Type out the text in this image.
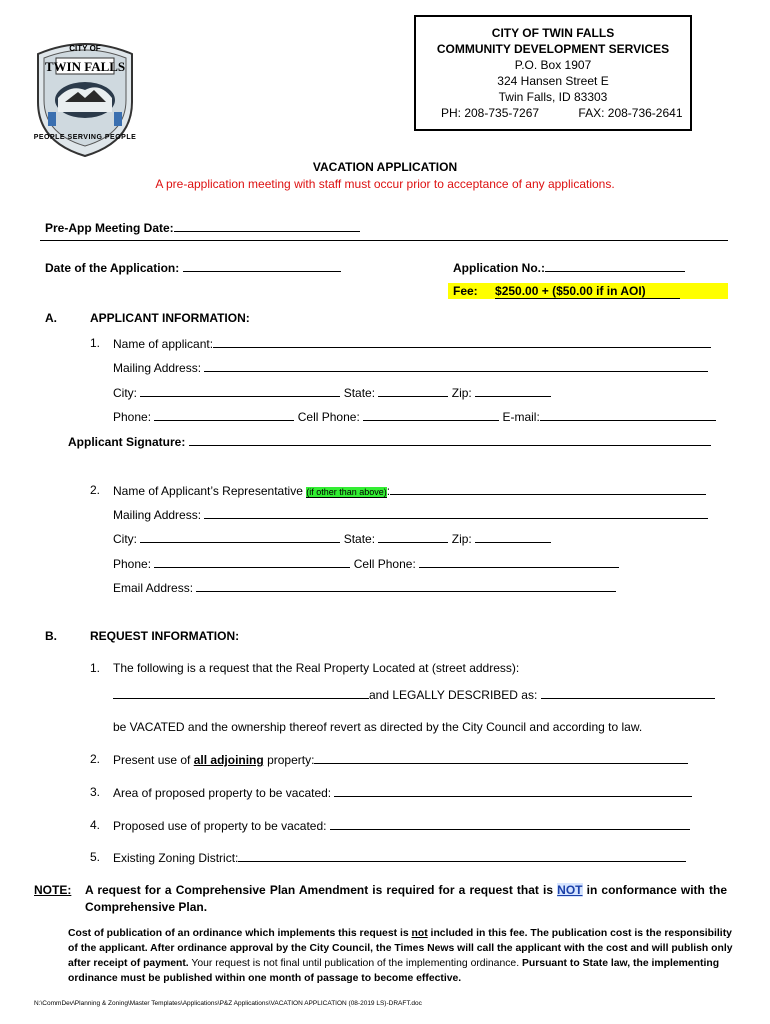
CITY OF
TWIN FALLS
PEOPLE SERVING PEOPLE
CITY OF TWIN FALLS
COMMUNITY DEVELOPMENT SERVICES
P.O. Box 1907
324 Hansen Street E
Twin Falls, ID 83303
PH: 208-735-7267	FAX: 208-736-2641
VACATION APPLICATION
A pre-application meeting with staff must occur prior to acceptance of any applications.
Pre-App Meeting Date:
Date of the Application:	Application No.:
Fee: $250.00 + ($50.00 if in AOI)
A.	APPLICANT INFORMATION:
1. Name of applicant:
Mailing Address:
City:	State:	Zip:
Phone:	Cell Phone:	E-mail:
Applicant Signature:
2. Name of Applicant’s Representative (if other than above):
Mailing Address:
City:	State:	Zip:
Phone:	Cell Phone:
Email Address:
B.	REQUEST INFORMATION:
1. The following is a request that the Real Property Located at (street address):
and LEGALLY DESCRIBED as:
be VACATED and the ownership thereof revert as directed by the City Council and according to law.
2. Present use of all adjoining property:
3. Area of proposed property to be vacated:
4. Proposed use of property to be vacated:
5. Existing Zoning District:
NOTE: A request for a Comprehensive Plan Amendment is required for a request that is NOT in conformance with the
Comprehensive Plan.
Cost of publication of an ordinance which implements this request is not included in this fee. The publication cost is the responsibility
of the applicant. After ordinance approval by the City Council, the Times News will call the applicant with the cost and will publish only
after receipt of payment. Your request is not final until publication of the implementing ordinance. Pursuant to State law, the implementing
ordinance must be published within one month of passage to become effective.
N:\CommDev\Planning & Zoning\Master Templates\Applications\P&Z Applications\VACATION APPLICATION (08-2019 LS)-DRAFT.doc
